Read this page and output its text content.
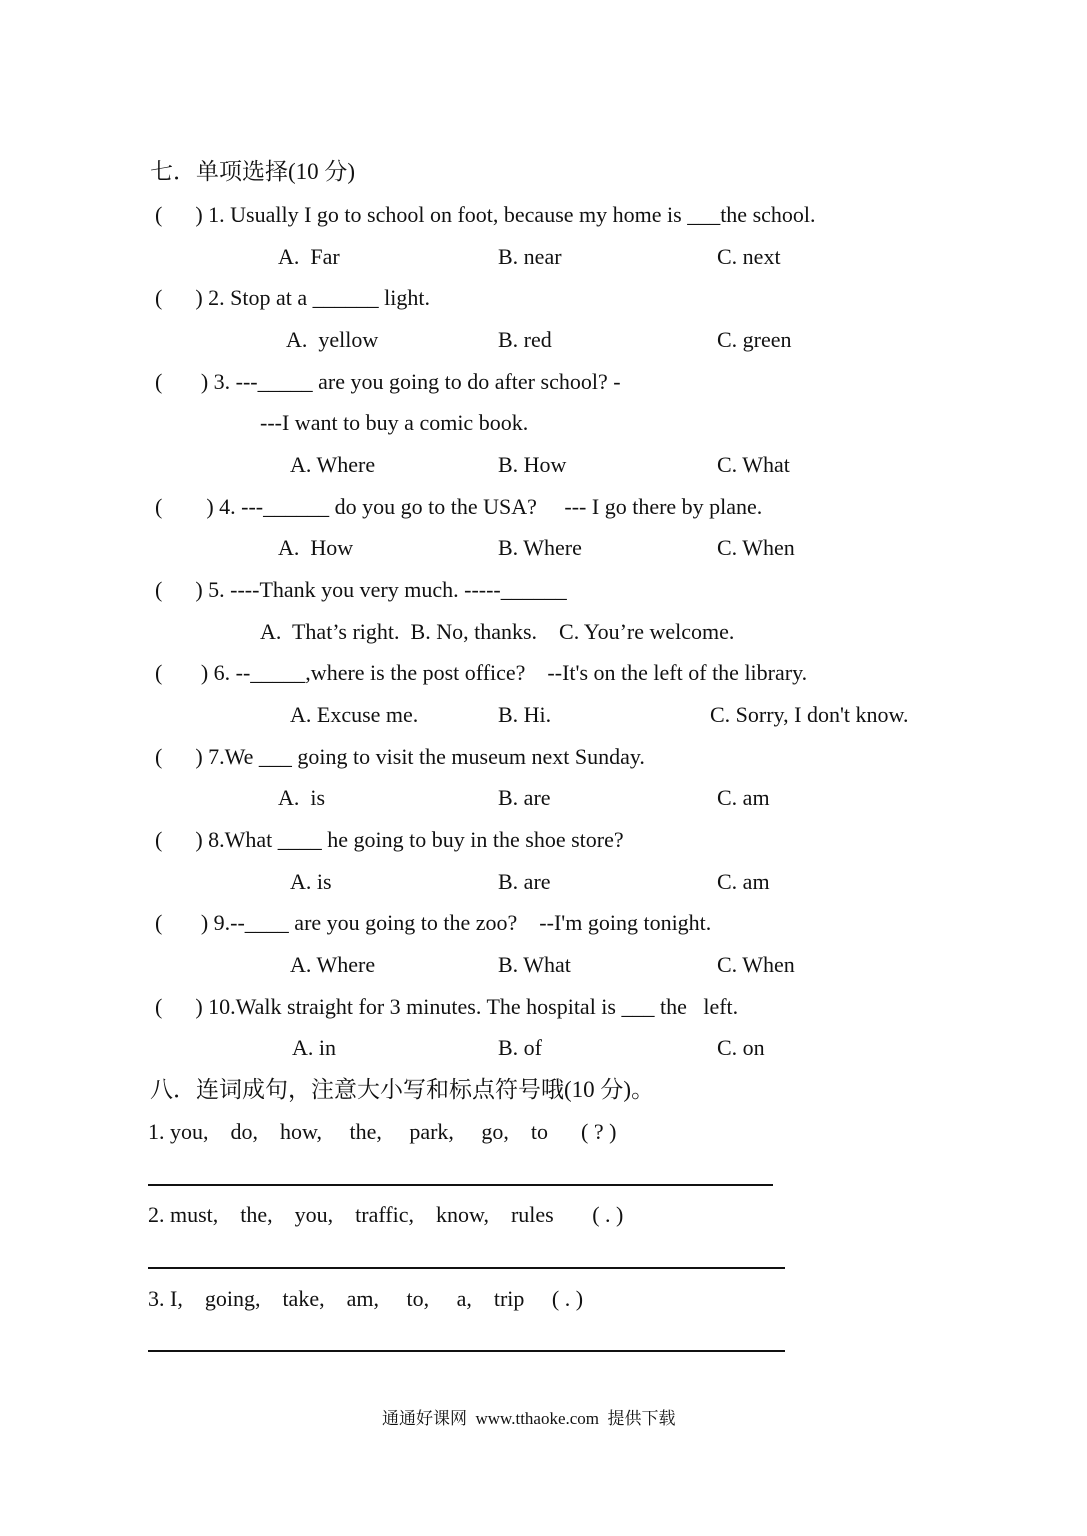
七．单项选择(10 分)
(      ) 1. Usually I go to school on foot, because my home is ___the school.
A.  Far	B. near	C. next
(      ) 2. Stop at a ______ light.
A.  yellow	B. red	C. green
(       ) 3. ---_____ are you going to do after school? -
---I want to buy a comic book.
A. Where	B. How	C. What
(        ) 4. ---______ do you go to the USA?     --- I go there by plane.
A.  How	B. Where	C. When
(      ) 5. ----Thank you very much. -----______
A.  That’s right.  B. No, thanks.    C. You’re welcome.
(       ) 6. --_____,where is the post office?    --It's on the left of the library.
A. Excuse me.	B. Hi.	C. Sorry, I don't know.
(      ) 7.We ___ going to visit the museum next Sunday.
A.  is	B. are	C. am
(      ) 8.What ____ he going to buy in the shoe store?
A. is	B. are	C. am
(       ) 9.--____ are you going to the zoo?    --I'm going tonight.
A. Where	B. What	C. When
(      ) 10.Walk straight for 3 minutes. The hospital is ___ the   left.
A. in	B. of	C. on
八．连词成句，注意大小写和标点符号哦(10 分)。
1. you,    do,    how,     the,     park,     go,    to      ( ? )
2. must,    the,    you,    traffic,    know,    rules       ( . )
3. I,    going,    take,    am,     to,     a,    trip     ( . )
通通好课网  www.tthaoke.com  提供下载
